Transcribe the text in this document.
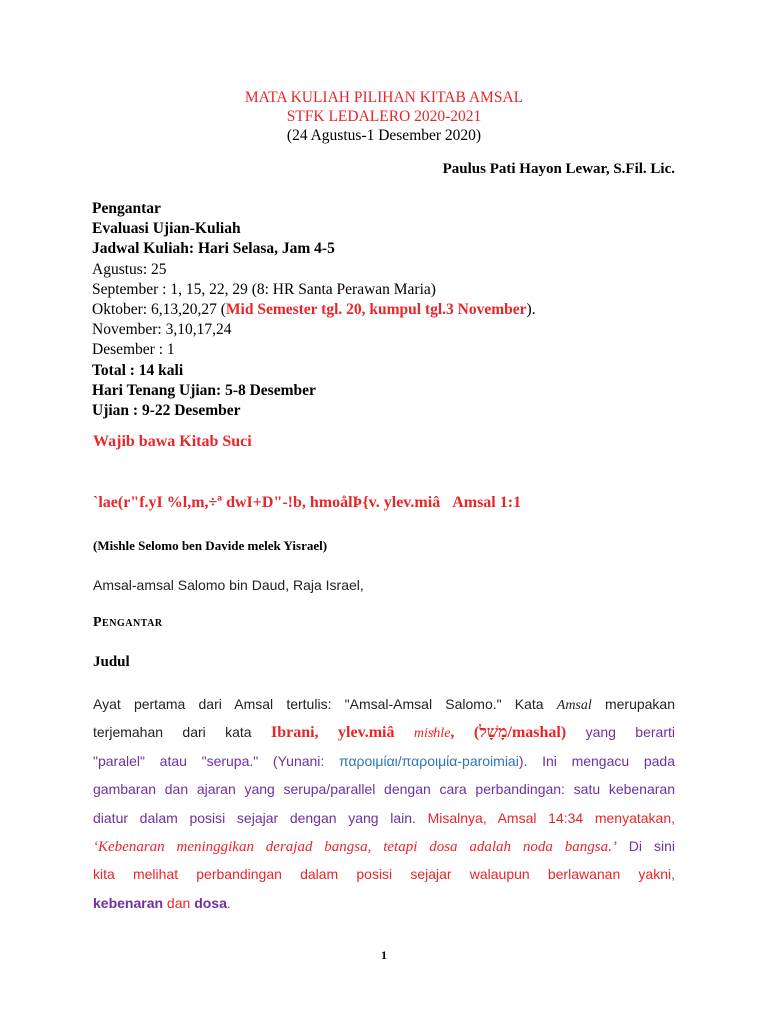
MATA KULIAH PILIHAN KITAB AMSAL
STFK LEDALERO 2020-2021
(24 Agustus-1 Desember 2020)
Paulus Pati Hayon Lewar, S.Fil. Lic.
Pengantar
Evaluasi Ujian-Kuliah
Jadwal Kuliah: Hari Selasa, Jam 4-5
Agustus: 25
September : 1, 15, 22, 29 (8: HR Santa Perawan Maria)
Oktober: 6,13,20,27 (Mid Semester tgl. 20, kumpul tgl.3 November).
November: 3,10,17,24
Desember : 1
Total : 14 kali
Hari Tenang Ujian: 5-8 Desember
Ujian : 9-22 Desember
Wajib bawa Kitab Suci
`lae(r"f.yI %l,m,÷ª dwI+D"-!b, hmoålÞ{v. ylev.miâ Amsal 1:1
(Mishle Selomo ben Davide melek Yisrael)
Amsal-amsal Salomo bin Daud, Raja Israel,
Pengantar
Judul
Ayat pertama dari Amsal tertulis: "Amsal-Amsal Salomo." Kata Amsal merupakan
terjemahan dari kata Ibrani, ylev.miâ misͤhle, (מָשָׁל/mashal) yang berarti
"paralel" atau "serupa." (Yunani: παροιμίαι/παροιμία-paroimiai). Ini mengacu pada
gambaran dan ajaran yang serupa/parallel dengan cara perbandingan: satu kebenaran
diatur dalam posisi sejajar dengan yang lain. Misalnya, Amsal 14:34 menyatakan,
‘Kebenaran meninggikan derajad bangsa, tetapi dosa adalah noda bangsa.’ Di sini
kita melihat perbandingan dalam posisi sejajar walaupun berlawanan yakni,
kebenaran dan dosa.
1
